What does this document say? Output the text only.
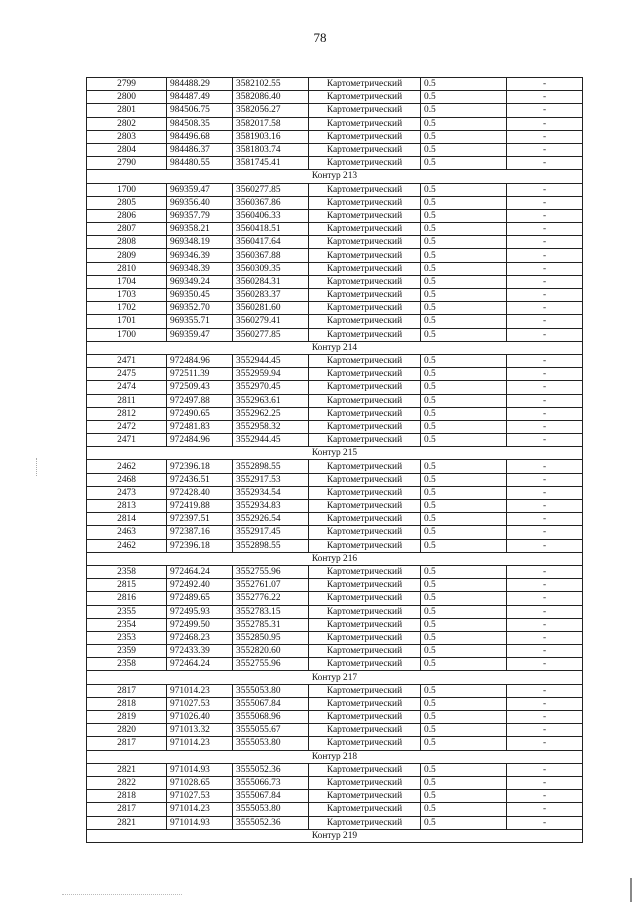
78
2799	984488.29	3582102.55	Картометрический	0.5	-
2800	984487.49	3582086.40	Картометрический	0.5	-
2801	984506.75	3582056.27	Картометрический	0.5	-
2802	984508.35	3582017.58	Картометрический	0.5	-
2803	984496.68	3581903.16	Картометрический	0.5	-
2804	984486.37	3581803.74	Картометрический	0.5	-
2790	984480.55	3581745.41	Картометрический	0.5	-
Контур 213					
1700	969359.47	3560277.85	Картометрический	0.5	-
2805	969356.40	3560367.86	Картометрический	0.5	-
2806	969357.79	3560406.33	Картометрический	0.5	-
2807	969358.21	3560418.51	Картометрический	0.5	-
2808	969348.19	3560417.64	Картометрический	0.5	-
2809	969346.39	3560367.88	Картометрический	0.5	-
2810	969348.39	3560309.35	Картометрический	0.5	-
1704	969349.24	3560284.31	Картометрический	0.5	-
1703	969350.45	3560283.37	Картометрический	0.5	-
1702	969352.70	3560281.60	Картометрический	0.5	-
1701	969355.71	3560279.41	Картометрический	0.5	-
1700	969359.47	3560277.85	Картометрический	0.5	-
Контур 214					
2471	972484.96	3552944.45	Картометрический	0.5	-
2475	972511.39	3552959.94	Картометрический	0.5	-
2474	972509.43	3552970.45	Картометрический	0.5	-
2811	972497.88	3552963.61	Картометрический	0.5	-
2812	972490.65	3552962.25	Картометрический	0.5	-
2472	972481.83	3552958.32	Картометрический	0.5	-
2471	972484.96	3552944.45	Картометрический	0.5	-
Контур 215					
2462	972396.18	3552898.55	Картометрический	0.5	-
2468	972436.51	3552917.53	Картометрический	0.5	-
2473	972428.40	3552934.54	Картометрический	0.5	-
2813	972419.88	3552934.83	Картометрический	0.5	-
2814	972397.51	3552926.54	Картометрический	0.5	-
2463	972387.16	3552917.45	Картометрический	0.5	-
2462	972396.18	3552898.55	Картометрический	0.5	-
Контур 216					
2358	972464.24	3552755.96	Картометрический	0.5	-
2815	972492.40	3552761.07	Картометрический	0.5	-
2816	972489.65	3552776.22	Картометрический	0.5	-
2355	972495.93	3552783.15	Картометрический	0.5	-
2354	972499.50	3552785.31	Картометрический	0.5	-
2353	972468.23	3552850.95	Картометрический	0.5	-
2359	972433.39	3552820.60	Картометрический	0.5	-
2358	972464.24	3552755.96	Картометрический	0.5	-
Контур 217					
2817	971014.23	3555053.80	Картометрический	0.5	-
2818	971027.53	3555067.84	Картометрический	0.5	-
2819	971026.40	3555068.96	Картометрический	0.5	-
2820	971013.32	3555055.67	Картометрический	0.5	-
2817	971014.23	3555053.80	Картометрический	0.5	-
Контур 218					
2821	971014.93	3555052.36	Картометрический	0.5	-
2822	971028.65	3555066.73	Картометрический	0.5	-
2818	971027.53	3555067.84	Картометрический	0.5	-
2817	971014.23	3555053.80	Картометрический	0.5	-
2821	971014.93	3555052.36	Картометрический	0.5	-
Контур 219					
